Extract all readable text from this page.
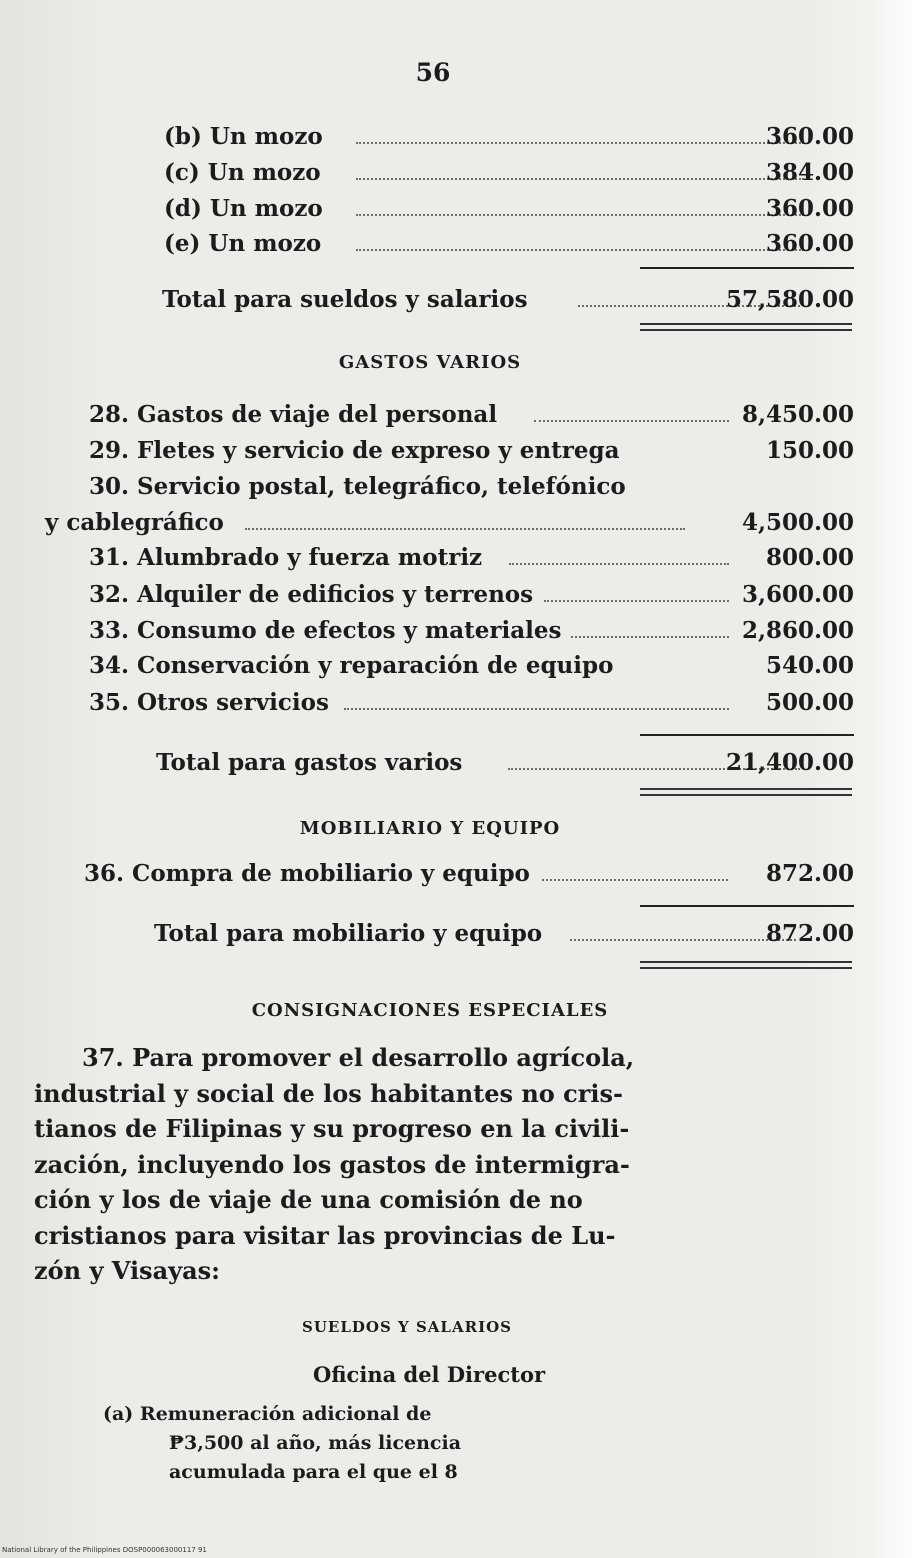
56
(b) Un mozo	360.00
(c) Un mozo	384.00
(d) Un mozo	360.00
(e) Un mozo	360.00
Total para sueldos y salarios	57,580.00
GASTOS VARIOS
28. Gastos de viaje del personal	8,450.00
29. Fletes y servicio de expreso y entrega	150.00
30. Servicio postal, telegráfico, telefónico
y cablegráfico	4,500.00
31. Alumbrado y fuerza motriz	800.00
32. Alquiler de edificios y terrenos	3,600.00
33. Consumo de efectos y materiales	2,860.00
34. Conservación y reparación de equipo	540.00
35. Otros servicios	500.00
Total para gastos varios	21,400.00
MOBILIARIO Y EQUIPO
36. Compra de mobiliario y equipo	872.00
Total para mobiliario y equipo	872.00
CONSIGNACIONES ESPECIALES
37. Para promover el desarrollo agrícola,
industrial y social de los habitantes no cris-
tianos de Filipinas y su progreso en la civili-
zación, incluyendo los gastos de intermigra-
ción y los de viaje de una comisión de no
cristianos para visitar las provincias de Lu-
zón y Visayas:
SUELDOS Y SALARIOS
Oficina del Director
(a) Remuneración adicional de
₱3,500 al año, más licencia
acumulada para el que el 8
National Library of the Philippines DOSP000063000117 91
